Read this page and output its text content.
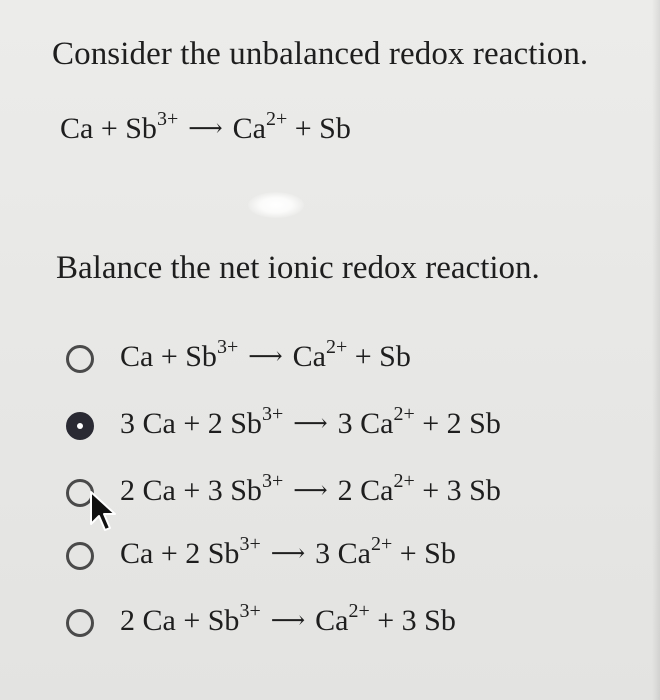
Consider the unbalanced redox reaction.
$Ca + Sb^{3+}$ ⟶ $Ca^{2+} + Sb$
Balance the net ionic redox reaction.
$Ca + Sb^{3+}$ ⟶ $Ca^{2+} + Sb$
3 Ca + 2 $Sb^{3+}$ ⟶ 3 $Ca^{2+} + 2$ Sb
2 Ca + 3 $Sb^{3+}$ ⟶ 2 $Ca^{2+} + 3$ Sb
Ca + 2 $Sb^{3+}$ ⟶ 3 $Ca^{2+} + Sb$
2 $Ca + Sb^{3+}$ ⟶ $Ca^{2+} + 3$ Sb
